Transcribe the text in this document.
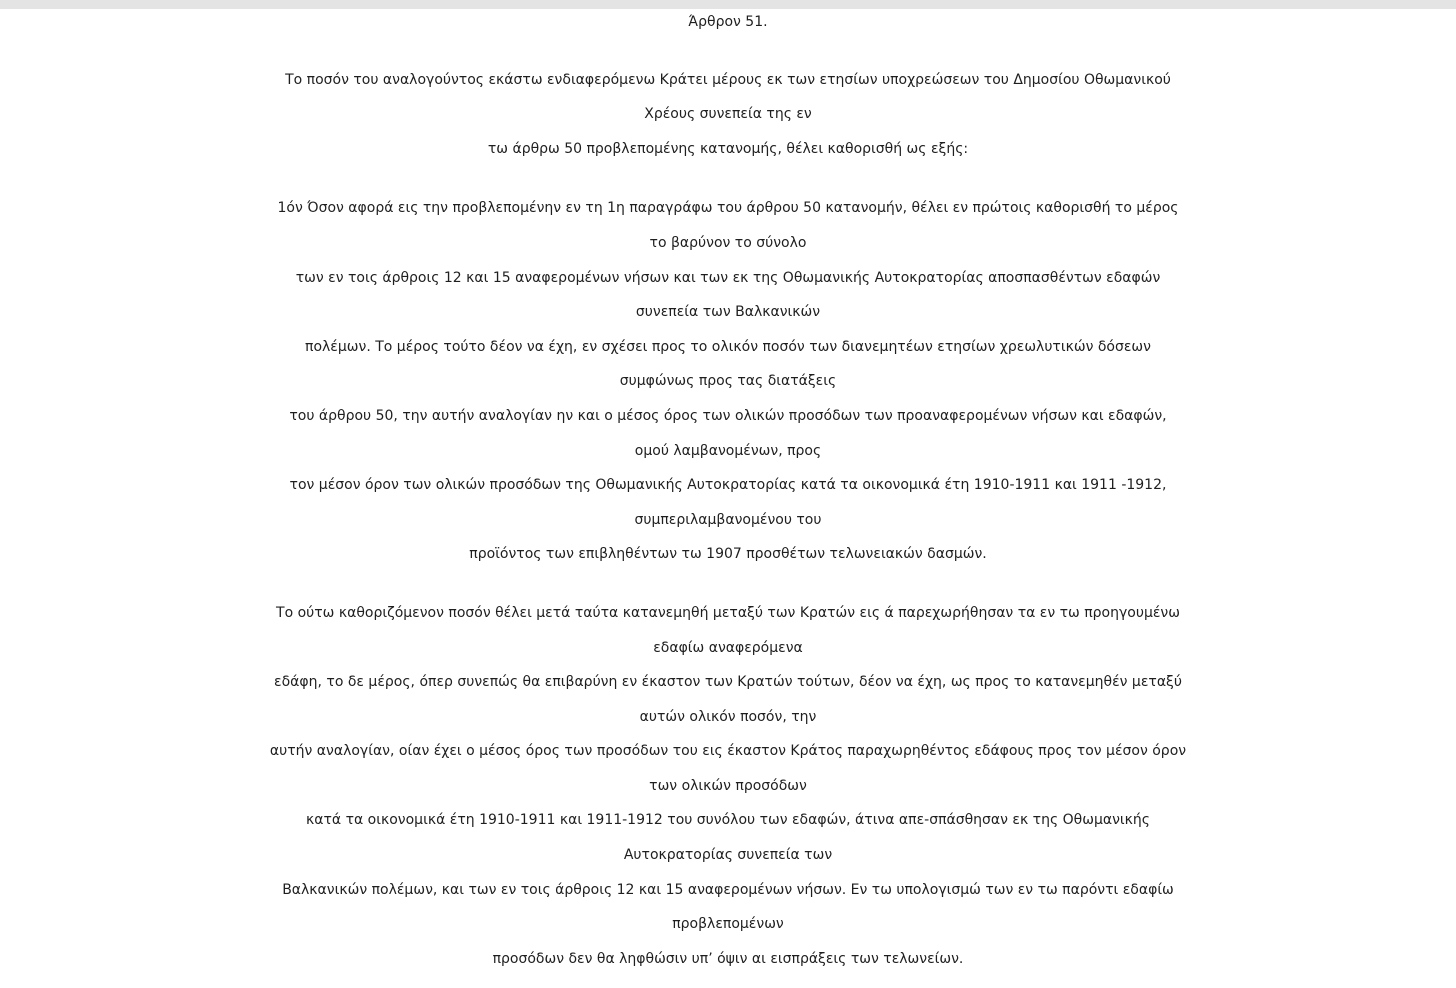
Άρθρον 51.

Το ποσόν του αναλογούντος εκάστω ενδιαφερόμενω Κράτει μέρους εκ των ετησίων υποχρεώσεων του Δημοσίου Οθωμανικού
Χρέους συνεπεία της εν
τω άρθρω 50 προβλεπομένης κατανομής, θέλει καθορισθή ως εξής:
1όν Όσον αφορά εις την προβλεπομένην εν τη 1η παραγράφω του άρθρου 50 κατανομήν, θέλει εν πρώτοις καθορισθή το μέρος
το βαρύνον το σύνολο
των εν τοις άρθροις 12 και 15 αναφερομένων νήσων και των εκ της Οθωμανικής Αυτοκρατορίας αποσπασθέντων εδαφών
συνεπεία των Βαλκανικών
πολέμων. Το μέρος τούτο δέον να έχη, εν σχέσει προς το ολικόν ποσόν των διανεμητέων ετησίων χρεωλυτικών δόσεων
συμφώνως προς τας διατάξεις
του άρθρου 50, την αυτήν αναλογίαν ην και ο μέσος όρος των ολικών προσόδων των προαναφερομένων νήσων και εδαφών,
ομού λαμβανομένων, προς
τον μέσον όρον των ολικών προσόδων της Οθωμανικής Αυτοκρατορίας κατά τα οικονομικά έτη 1910-1911 και 1911 -1912,
συμπεριλαμβανομένου του
προϊόντος των επιβληθέντων τω 1907 προσθέτων τελωνειακών δασμών.
Το ούτω καθοριζόμενον ποσόν θέλει μετά ταύτα κατανεμηθή μεταξύ των Κρατών εις ά παρεχωρήθησαν τα εν τω προηγουμένω
εδαφίω αναφερόμενα
εδάφη, το δε μέρος, όπερ συνεπώς θα επιβαρύνη εν έκαστον των Κρατών τούτων, δέον να έχη, ως προς το κατανεμηθέν μεταξύ
αυτών ολικόν ποσόν, την
αυτήν αναλογίαν, οίαν έχει ο μέσος όρος των προσόδων του εις έκαστον Κράτος παραχωρηθέντος εδάφους προς τον μέσον όρον
των ολικών προσόδων
κατά τα οικονομικά έτη 1910-1911 και 1911-1912 του συνόλου των εδαφών, άτινα απε-σπάσθησαν εκ της Οθωμανικής
Αυτοκρατορίας συνεπεία των
Βαλκανικών πολέμων, και των εν τοις άρθροις 12 και 15 αναφερομένων νήσων. Εν τω υπολογισμώ των εν τω παρόντι εδαφίω
προβλεπομένων
προσόδων δεν θα ληφθώσιν υπ’ όψιν αι εισπράξεις των τελωνείων.
